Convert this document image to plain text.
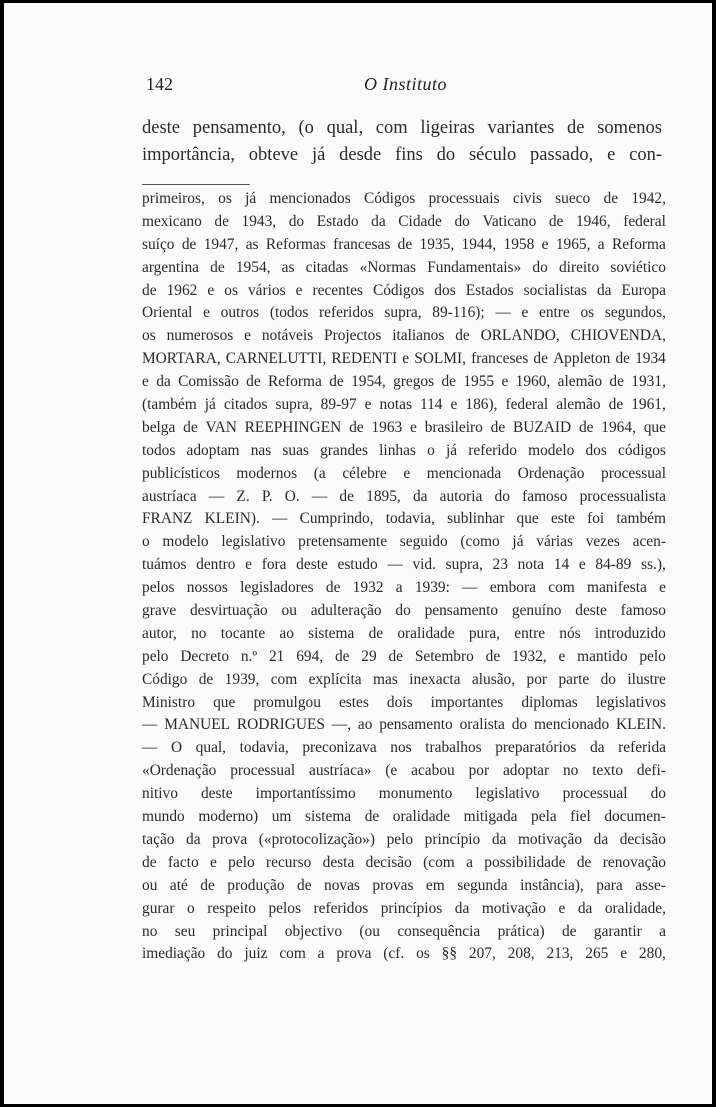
142	O Instituto
deste pensamento, (o qual, com ligeiras variantes de somenos importância, obteve já desde fins do século passado, e con-
primeiros, os já mencionados Códigos processuais civis sueco de 1942,
mexicano de 1943, do Estado da Cidade do Vaticano de 1946, federal
suíço de 1947, as Reformas francesas de 1935, 1944, 1958 e 1965, a Reforma
argentina de 1954, as citadas «Normas Fundamentais» do direito soviético
de 1962 e os vários e recentes Códigos dos Estados socialistas da Europa
Oriental e outros (todos referidos supra, 89-116); — e entre os segundos,
os numerosos e notáveis Projectos italianos de ORLANDO, CHIOVENDA,
MORTARA, CARNELUTTI, REDENTI e SOLMI, franceses de Appleton de 1934
e da Comissão de Reforma de 1954, gregos de 1955 e 1960, alemão de 1931,
(também já citados supra, 89-97 e notas 114 e 186), federal alemão de 1961,
belga de VAN REEPHINGEN de 1963 e brasileiro de BUZAID de 1964, que
todos adoptam nas suas grandes linhas o já referido modelo dos códigos
publicísticos modernos (a célebre e mencionada Ordenação processual
austríaca — Z. P. O. — de 1895, da autoria do famoso processualista
FRANZ KLEIN). — Cumprindo, todavia, sublinhar que este foi também
o modelo legislativo pretensamente seguido (como já várias vezes acen-
tuámos dentro e fora deste estudo — vid. supra, 23 nota 14 e 84-89 ss.),
pelos nossos legisladores de 1932 a 1939: — embora com manifesta e
grave desvirtuação ou adulteração do pensamento genuíno deste famoso
autor, no tocante ao sistema de oralidade pura, entre nós introduzido
pelo Decreto n.º 21 694, de 29 de Setembro de 1932, e mantido pelo
Código de 1939, com explícita mas inexacta alusão, por parte do ilustre
Ministro que promulgou estes dois importantes diplomas legislativos
— MANUEL RODRIGUES —, ao pensamento oralista do mencionado KLEIN.
— O qual, todavia, preconizava nos trabalhos preparatórios da referida
«Ordenação processual austríaca» (e acabou por adoptar no texto defi-
nitivo deste importantíssimo monumento legislativo processual do
mundo moderno) um sistema de oralidade mitigada pela fiel documen-
tação da prova («protocolização») pelo princípio da motivação da decisão
de facto e pelo recurso desta decisão (com a possibilidade de renovação
ou até de produção de novas provas em segunda instância), para asse-
gurar o respeito pelos referidos princípios da motivação e da oralidade,
no seu principal objectivo (ou consequência prática) de garantir a
imediação do juiz com a prova (cf. os §§ 207, 208, 213, 265 e 280,
